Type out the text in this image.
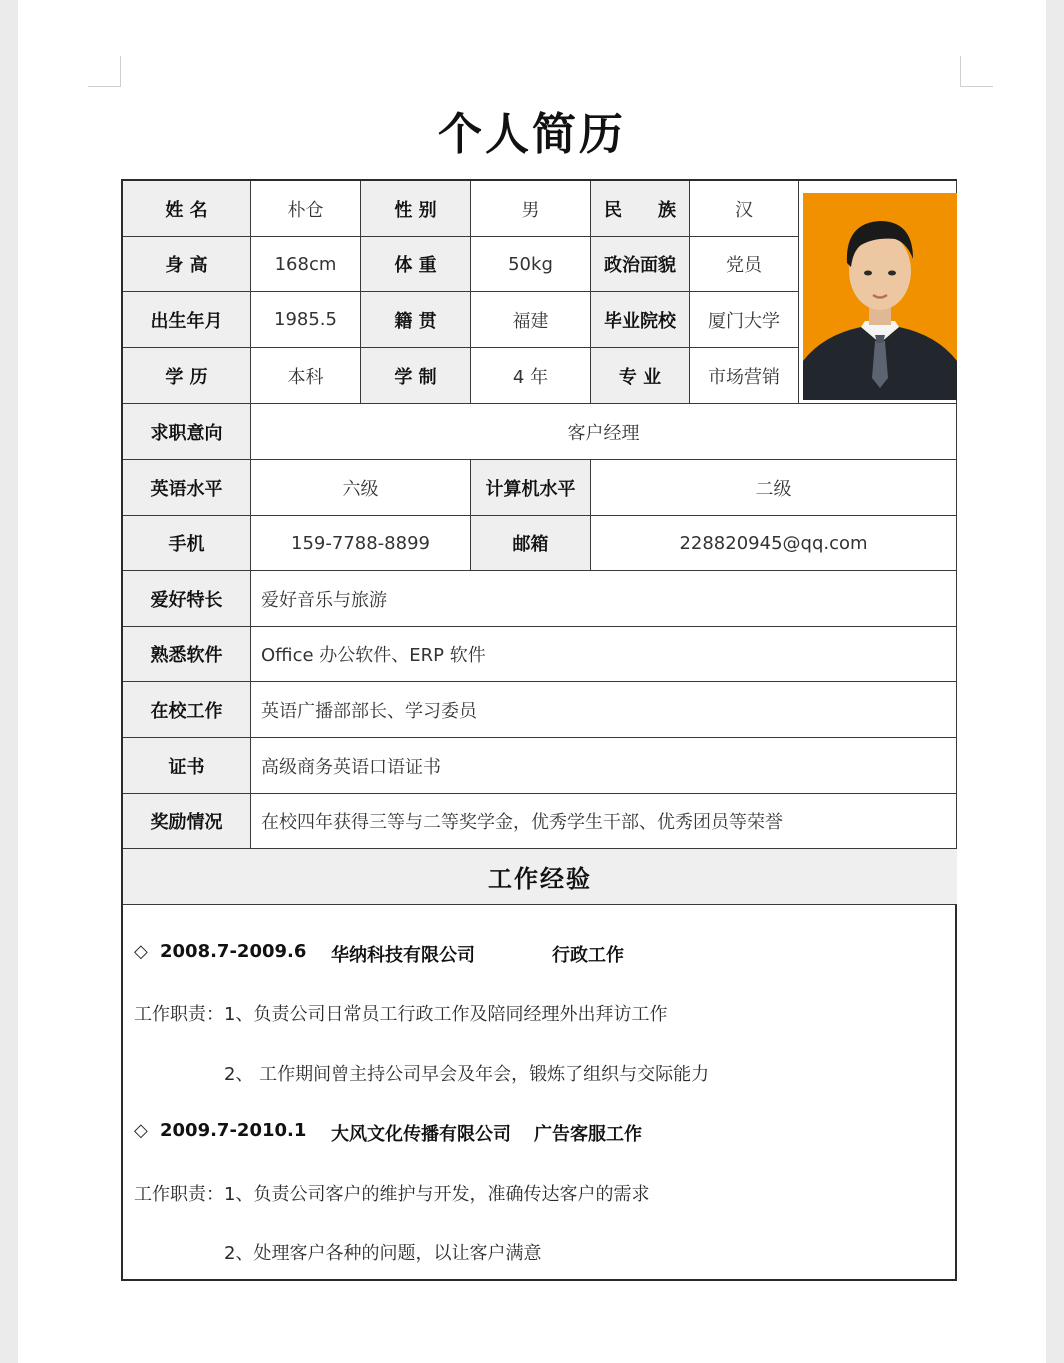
个人简历
姓 名	朴仓	性 别	男	民　　族	汉
身 高	168cm	体 重	50kg	政治面貌	党员
出生年月	1985.5	籍 贯	福建	毕业院校	厦门大学
学 历	本科	学 制	4 年	专 业	市场营销
求职意向	客户经理
英语水平	六级	计算机水平	二级
手机	159-7788-8899	邮箱	228820945@qq.com
爱好特长	爱好音乐与旅游
熟悉软件	Office 办公软件、ERP 软件
在校工作	英语广播部部长、学习委员
证书	高级商务英语口语证书
奖励情况	在校四年获得三等与二等奖学金，优秀学生干部、优秀团员等荣誉
工作经验
◇ 2008.7-2009.6 华纳科技有限公司	行政工作
工作职责： 1、负责公司日常员工行政工作及陪同经理外出拜访工作
2、 工作期间曾主持公司早会及年会，锻炼了组织与交际能力
◇ 2009.7-2010.1 大风文化传播有限公司 广告客服工作
工作职责： 1、负责公司客户的维护与开发，准确传达客户的需求
2、处理客户各种的问题，以让客户满意
